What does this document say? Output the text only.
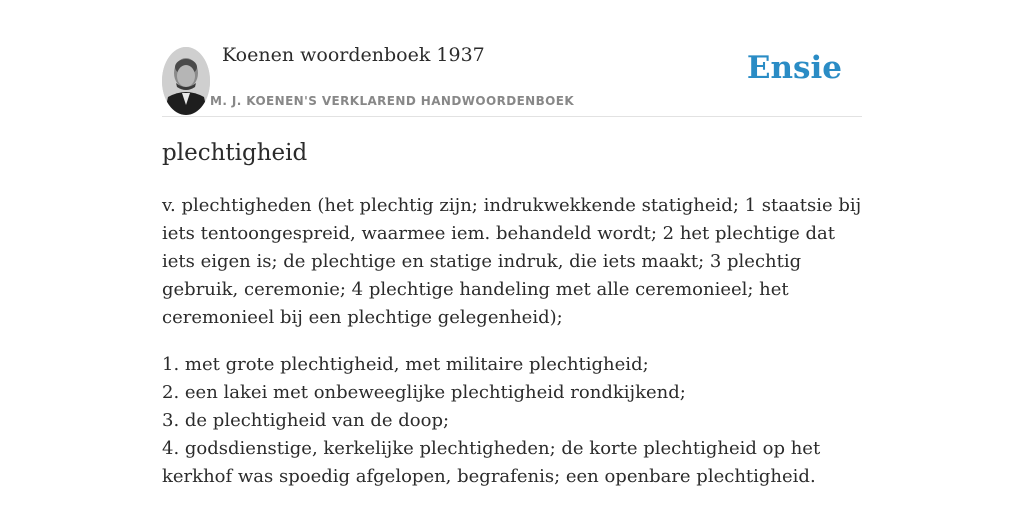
Koenen woordenboek 1937
M. J. KOENEN'S VERKLAREND HANDWOORDENBOEK
Ensie
plechtigheid

v. plechtigheden (het plechtig zijn; indrukwekkende statigheid; 1 staatsie bij iets tentoongespreid, waarmee iem. behandeld wordt; 2 het plechtige dat iets eigen is; de plechtige en statige indruk, die iets maakt; 3 plechtig gebruik, ceremonie; 4 plechtige handeling met alle ceremonieel; het ceremonieel bij een plechtige gelegenheid);

1. met grote plechtigheid, met militaire plechtigheid;
2. een lakei met onbeweeglijke plechtigheid rondkijkend;
3. de plechtigheid van de doop;
4. godsdienstige, kerkelijke plechtigheden; de korte plechtigheid op het kerkhof was spoedig afgelopen, begrafenis; een openbare plechtigheid.
